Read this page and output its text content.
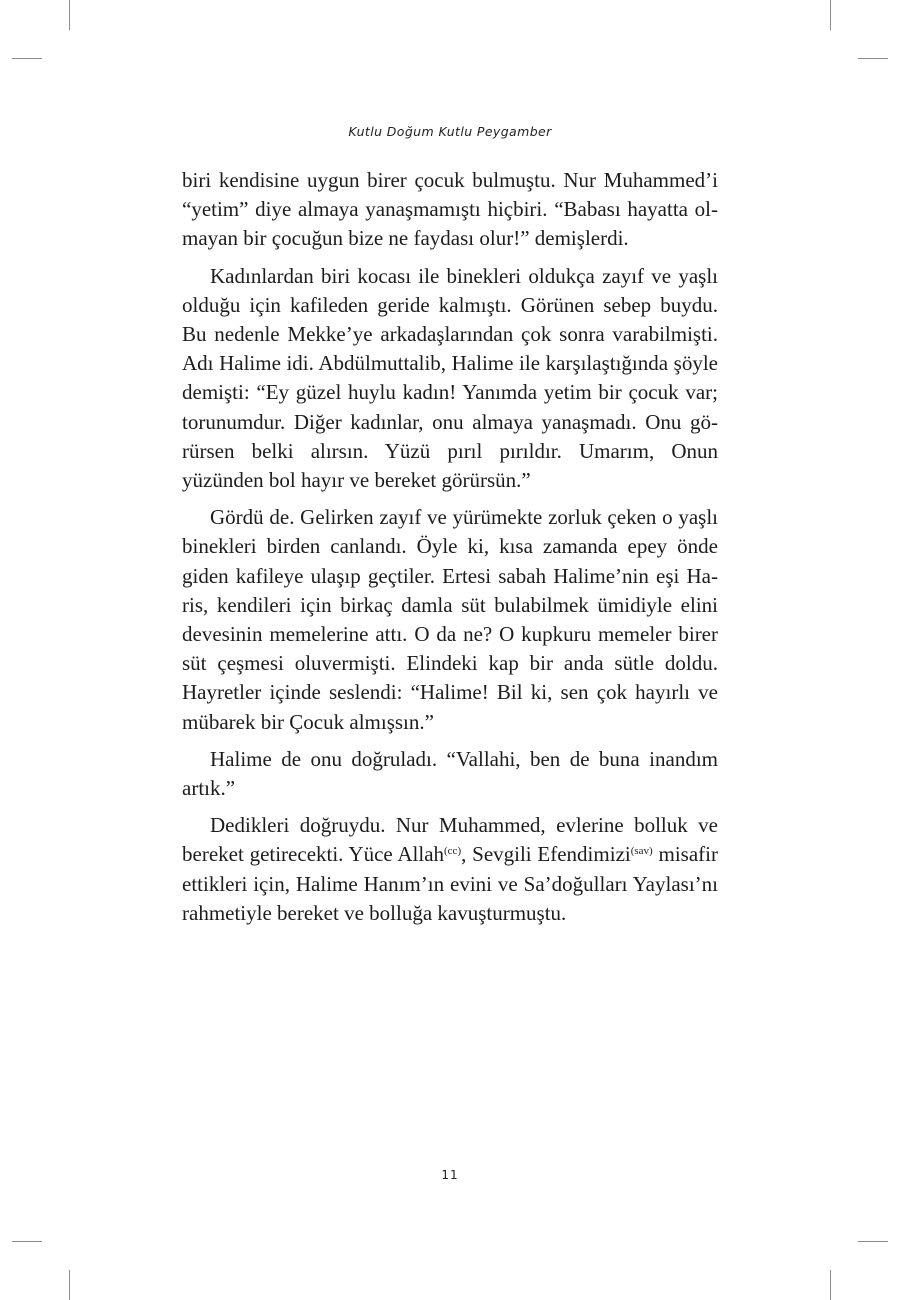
Kutlu Doğum Kutlu Peygamber

biri kendisine uygun birer çocuk bulmuştu. Nur Muhammed’i “yetim” diye almaya yanaşmamıştı hiçbiri. “Babası hayatta olmayan bir çocuğun bize ne faydası olur!” demişlerdi.

Kadınlardan biri kocası ile binekleri oldukça zayıf ve yaşlı olduğu için kafileden geride kalmıştı. Görünen sebep buydu. Bu nedenle Mekke’ye arkadaşlarından çok sonra varabilmişti. Adı Halime idi. Abdülmuttalib, Halime ile karşılaştığında şöyle demişti: “Ey güzel huylu kadın! Yanımda yetim bir çocuk var; torunumdur. Diğer kadınlar, onu almaya yanaşmadı. Onu görürsen belki alırsın. Yüzü pırıl pırıldır. Umarım, Onun yüzünden bol hayır ve bereket görürsün.”

Gördü de. Gelirken zayıf ve yürümekte zorluk çeken o yaşlı binekleri birden canlandı. Öyle ki, kısa zamanda epey önde giden kafileye ulaşıp geçtiler. Ertesi sabah Halime’nin eşi Haris, kendileri için birkaç damla süt bulabilmek ümidiyle elini devesinin memelerine attı. O da ne? O kupkuru memeler birer süt çeşmesi oluvermişti. Elindeki kap bir anda sütle doldu. Hayretler içinde seslendi: “Halime! Bil ki, sen çok hayırlı ve mübarek bir Çocuk almışsın.”

Halime de onu doğruladı. “Vallahi, ben de buna inandım artık.”

Dedikleri doğruydu. Nur Muhammed, evlerine bolluk ve bereket getirecekti. Yüce Allah$^{(cc)}$, Sevgili Efendimizi$^{(sav)}$ misafir ettikleri için, Halime Hanım’ın evini ve Sa’doğulları Yaylası’nı rahmetiyle bereket ve bolluğa kavuşturmuştu.

11
